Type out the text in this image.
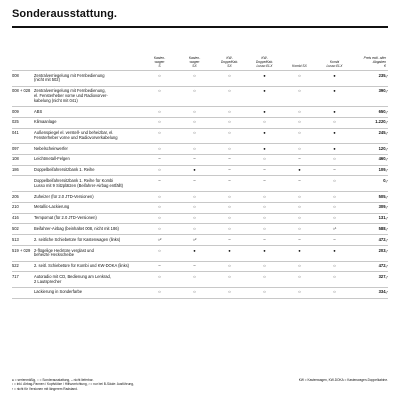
Sonderausstattung.
		Kasten-
wagen
S	Kasten-
wagen
SX	KW-
DoppelKab.
SX	KW-
DoppelKab.
Lusso ELX	Kombi SX	Kombi
Lusso ELX	Preis exkl. aller
Abgaben
€
008	Zentralverriegelung mit Fernbedienung
(nicht mit 502)	○	○	○	●	○	●	235,-
008 + 028	Zentralverriegelung mit Fernbedienung,
el. Fensterheber vorne und Radiovorver-
kabelung (nicht mit 041)	○	○	○	●	○	●	390,-
009	ABS	○	○	○	●	○	●	650,-
025	Klimaanlage	○	○	○	○	○	○	1.220,-
041	Außenspiegel el. verstell- und beheizbar, el.
Fensterheber vorne und Radiovorverkabelung	○	○	○	●	○	●	245,-
097	Nebelscheinwerfer	○	○	○	●	○	●	120,-
108	Leichtmetall-Felgen	–	–	–	○	–	○	460,-
186	Doppelbeifahrersitzbank 1. Reihe	○	●	–	–	●	–	109,-
	Doppelbeifahrersitzbank 1. Reihe für Kombi
Lusso mit 9 Sitzplätzen (Beifahrer-Airbag entfällt)	–	–	–	–	–	○	0,-
205	Zuheizer (für 2.0 JTD-Versionen)	○	○	○	○	○	○	505,-
210	Metallic-Lackierung	○	○	○	○	○	○	309,-
416	Tempomat (für 2.0 JTD-Versionen)	○	○	○	○	○	○	131,-
502	Beifahrer-Airbag (beinhaltet 008, nicht mit 186)	○	○	○	○	○	○¹	588,-
513	2. seitliche Schiebetüre für Kastenwagen (links)	○²	○²	–	–	–	–	472,-
519 + 029	2-flügelige Hecktüre verglast und
beheizte Heckscheibe	○	●	●	●	●	●	203,-
522	2. seitl. Schiebetüre für Kombi und KW-DOKA (links)	–	–	○	○	○	○	472,-
717	Autoradio mit CD, Bedienung am Lenkrad,
2 Lautsprecher	○	○	○	○	○	○	327,-
	Lackierung in Sonderfarbe	○	○	○	○	○	○	334,-
● = serienmäßig, ○ = Sonderausstattung, – nicht lieferbar.
¹ = inkl. Airbag-Pannen / Kopfstütze / Hilfsvorrichtung, ² = nur bei B-Säule: Ausführung,
³ = nicht für Versionen mit längerem Radstand.
KW = Kastenwagen, KW-DOKA = Kastenwagen-Doppelkabine.
